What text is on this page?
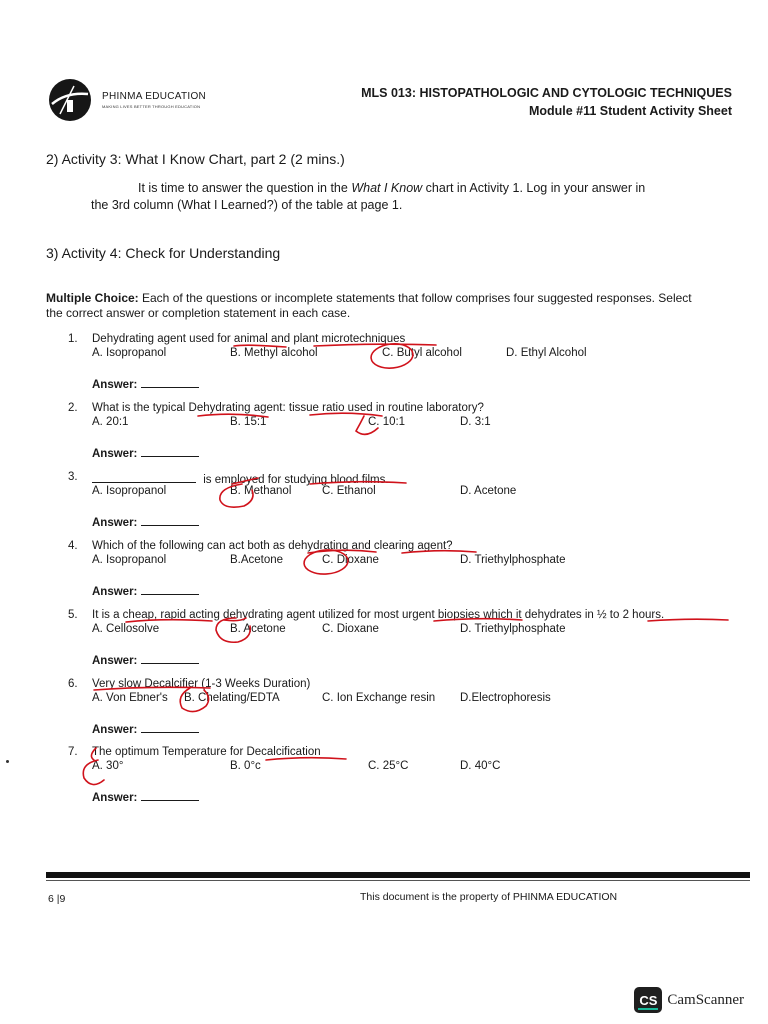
PHINMA EDUCATION
MAKING LIVES BETTER THROUGH EDUCATION
MLS 013: HISTOPATHOLOGIC AND CYTOLOGIC TECHNIQUES
Module #11 Student Activity Sheet
2) Activity 3: What I Know Chart, part 2 (2 mins.)
It is time to answer the question in the What I Know chart in Activity 1. Log in your answer in
the 3rd column (What I Learned?) of the table at page 1.
3) Activity 4: Check for Understanding
Multiple Choice: Each of the questions or incomplete statements that follow comprises four suggested responses. Select
the correct answer or completion statement in each case.
1. Dehydrating agent used for animal and plant microtechniques
A. Isopropanol	B. Methyl alcohol	C. Butyl alcohol	D. Ethyl Alcohol
Answer:
2. What is the typical Dehydrating agent: tissue ratio used in routine laboratory?
A. 20:1	B. 15:1	C. 10:1	D. 3:1
Answer:
3.	is employed for studying blood films.
A. Isopropanol	B. Methanol	C. Ethanol	D. Acetone
Answer:
4. Which of the following can act both as dehydrating and clearing agent?
A. Isopropanol	B.Acetone	C. Dioxane	D. Triethylphosphate
Answer:
5. It is a cheap, rapid acting dehydrating agent utilized for most urgent biopsies which it dehydrates in ½ to 2 hours.
A. Cellosolve	B. Acetone	C. Dioxane	D. Triethylphosphate
Answer:
6. Very slow Decalcifier (1-3 Weeks Duration)
A. Von Ebner's B. Chelating/EDTA	C. Ion Exchange resin D.Electrophoresis
Answer:
7. The optimum Temperature for Decalcification
A. 30°	B. 0°c	C. 25°C	D. 40°C
Answer:
6 |9	This document is the property of PHINMA EDUCATION
CS CamScanner
